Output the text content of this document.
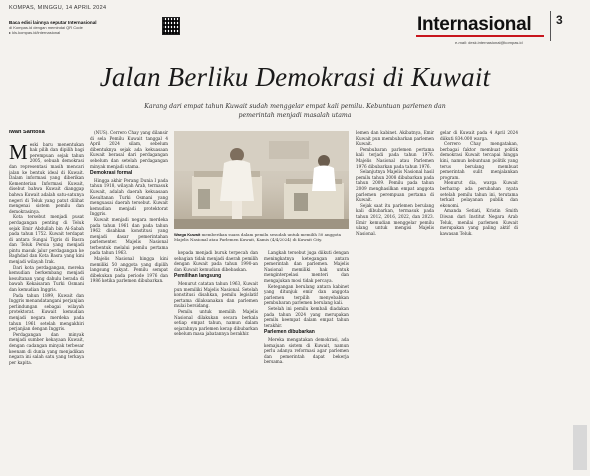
KOMPAS, MINGGU, 14 APRIL 2024
Baca edisi lainnya seputar Internasional
di Kompas.id dengan memindai QR Code
▸ kls.kompas.id/internasional	Internasional
e-mail: desk.internasional@kompas.id
3
Jalan Berliku Demokrasi di Kuwait
Karang dari empat tahun Kuwait sudah menggelar empat kali pemilu. Kebuntuan parlemen dan pemerintah menjadi masalah utama
Iwan Santosa
M eski baru menentukan hak pilih dan dipilih bagi perempuan sejak tahun 2005, sebuah demokrasi dan representasi masih mencari jalan ke bentuk ideal di Kuwait. Dalam informasi yang diberikan Kementerian Informasi Kuwait, disebut bahwa Kuwait dianggap bahwa Kuwait adalah satu-satunya negeri di Teluk yang patut dilihat mengenai sistem pemilu dan demokrasinya.

Kota tersebut menjadi pusat perdagangan penting di Teluk sejak Emir Abdullah bin Al-Sabah pada tahun 1752. Kuwait terdapat di antara Sungai Tigris di Basra dan Teluk Persia yang menjadi pintu masuk jalur perdagangan ke Baghdad dan Kota Basra yang kini menjadi wilayah Irak.

Dari kota perdagangan, mereka kemudian berkembang menjadi kesultanan yang dahulu berada di bawah Kekaisaran Turki Osmani dan kemudian Inggris.

Pada tahun 1899, Kuwait dan Inggris menandatangani perjanjian perlindungan sebagai wilayah protektorat. Kuwait kemudian menjadi negara merdeka pada tahun 1961 setelah mengakhiri perjanjian dengan Inggris.

Perdagangan dan minyak menjadi sumber kekayaan Kuwait, dengan cadangan minyak terbesar keenam di dunia yang menjadikan negara ini salah satu yang terkaya per kapita.

(NUS). Cerrero Chay yang dilansir di sela Pemilu Kuwait tanggal 4 April 2024 silam, sebelum dibentuknya sejak ada kekuasaan Kuwait berasal dari perdagangan sebelum dan setelah perdagangan minyak menjadi utama.

Demokrasi formal

Hingga akhir Perang Dunia I pada tahun 1918, wilayah Arab, termasuk Kuwait, adalah daerah kekuasaan Kesultanan Turki Osmani yang menguasai daerah tersebut. Kuwait kemudian menjadi protektorat Inggris.

Kuwait menjadi negara merdeka pada tahun 1961 dan pada tahun 1962 disahkan konstitusi yang menjadi dasar pemerintahan parlementer. Majelis Nasional terbentuk melalui pemilu pertama pada tahun 1963.

Majelis Nasional hingga kini memiliki 50 anggota yang dipilih langsung rakyat. Pemilu sempat dibekukan pada periode 1976 dan 1986 ketika parlemen dibubarkan.

Warga Kuwait memberikan suara dalam pemilu sesudah untuk memilih 50 anggota Majelis Nasional atau Parlemen Kuwait, Kamis (4/4/2024) di Kuwait City.

kepada menjadi buruk terpecah dan sebagian tidak menjadi daerah pemilih dengan Kuwait pada tahun 1990-an dan Kuwait kemudian dibebaskan.

Pemilihan langsung

Menurut catatan tahun 1963, Kuwait pun memiliki Majelis Nasional. Setelah konstitusi disahkan, pemilu legislatif pertama dilaksanakan dan parlemen mulai bersidang.

Pemilu untuk memilih Majelis Nasional dilakukan secara berkala setiap empat tahun, namun dalam sejarahnya parlemen kerap dibubarkan sebelum masa jabatannya berakhir.

Langkah tersebut juga diikuti dengan meningkatnya ketegangan antara pemerintah dan parlemen. Majelis Nasional memiliki hak untuk menginterpelasi menteri dan mengajukan mosi tidak percaya.

Ketegangan berulang antara kabinet yang ditunjuk emir dan anggota parlemen terpilih menyebabkan pembubaran parlemen berulang kali.

Setelah ini pemilu kembali diadakan pada tahun 2024 yang merupakan pemilu keempat dalam empat tahun terakhir.

Parlemen dibubarkan

Mereka mengatakan demokrasi, ada kemajuan sistem di Kuwait, namun perlu adanya reformasi agar parlemen dan pemerintah dapat bekerja bersama.

lemen dan kabinet. Akibatnya, Emir Kuwait pun membubarkan parlemen Kuwait.

Pembubaran parlemen pertama kali terjadi pada tahun 1976. Majelis Nasional atau Parlemen 1976 dibubarkan pada tahun 1976.

Selanjutnya Majelis Nasional hasil pemilu tahun 2008 dibubarkan pada tahun 2009. Pemilu pada tahun 2009 menghasilkan empat anggota parlemen perempuan pertama di Kuwait.

Sejak saat itu parlemen berulang kali dibubarkan, termasuk pada tahun 2012, 2016, 2022, dan 2023. Emir kemudian menggelar pemilu ulang untuk mengisi Majelis Nasional.

gelar di Kuwait pada 4 April 2024 diikuti 834.000 warga.

Cerrero Chay mengatakan, berbagai faktor membuat politik demokrasi Kuwait tercapai hingga kini, namun kebuntuan politik yang terus berulang membuat pemerintah sulit menjalankan program.

Menurut dia, warga Kuwait berharap ada perubahan nyata setelah pemilu tahun ini, terutama terkait pelayanan publik dan ekonomi.

Amanda Setiati, Kristin Smith Diwan dari Institut Negara Arab Teluk, menilai parlemen Kuwait merupakan yang paling aktif di kawasan Teluk.
